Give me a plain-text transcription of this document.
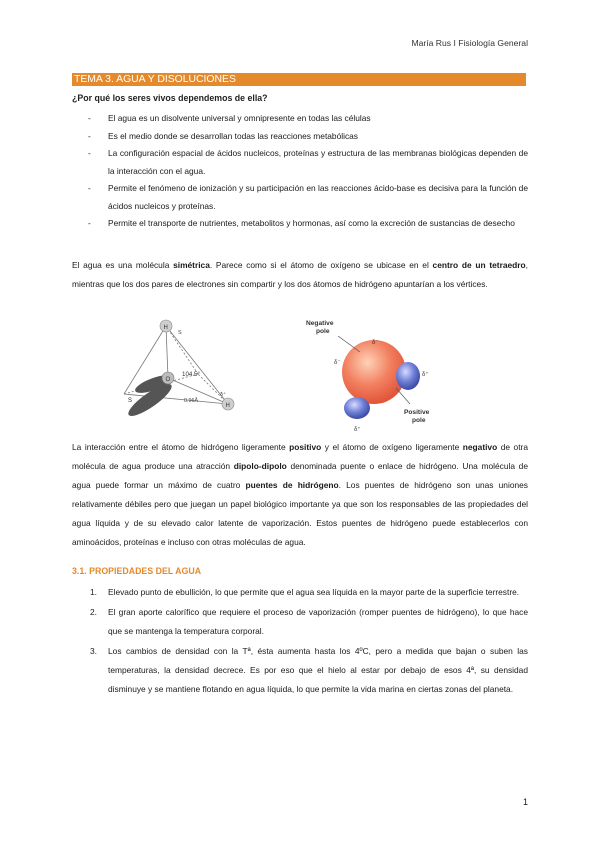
María Rus I Fisiología General
TEMA 3. AGUA Y DISOLUCIONES
¿Por qué los seres vivos dependemos de ella?
- El agua es un disolvente universal y omnipresente en todas las células
- Es el medio donde se desarrollan todas las reacciones metabólicas
- La configuración espacial de ácidos nucleicos, proteínas y estructura de las membranas biológicas dependen de la interacción con el agua.
- Permite el fenómeno de ionización y su participación en las reacciones ácido-base es decisiva para la función de ácidos nucleicos y proteínas.
- Permite el transporte de nutrientes, metabolitos y hormonas, así como la excreción de sustancias de desecho

El agua es una molécula simétrica. Parece como si el átomo de oxígeno se ubicase en el centro de un tetraedro, mientras que los dos pares de electrones sin compartir y los dos átomos de hidrógeno apuntarían a los vértices.

H
O
H
104.5°
0.96Å
S
S
δ⁺
Negative pole
Positive pole
δ⁻
δ⁻
δ⁺
δ⁺

La interacción entre el átomo de hidrógeno ligeramente positivo y el átomo de oxígeno ligeramente negativo de otra molécula de agua produce una atracción dipolo-dipolo denominada puente o enlace de hidrógeno. Una molécula de agua puede formar un máximo de cuatro puentes de hidrógeno. Los puentes de hidrógeno son unas uniones relativamente débiles pero que juegan un papel biológico importante ya que son los responsables de las propiedades del agua líquida y de su elevado calor latente de vaporización. Estos puentes de hidrógeno puede establecerlos con aminoácidos, proteínas e incluso con otras moléculas de agua.

3.1. PROPIEDADES DEL AGUA
1. Elevado punto de ebullición, lo que permite que el agua sea líquida en la mayor parte de la superficie terrestre.
2. El gran aporte calorífico que requiere el proceso de vaporización (romper puentes de hidrógeno), lo que hace que se mantenga la temperatura corporal.
3. Los cambios de densidad con la Tª, ésta aumenta hasta los 4ºC, pero a medida que bajan o suben las temperaturas, la densidad decrece. Es por eso que el hielo al estar por debajo de esos 4ª, su densidad disminuye y se mantiene flotando en agua líquida, lo que permite la vida marina en ciertas zonas del planeta.
1
